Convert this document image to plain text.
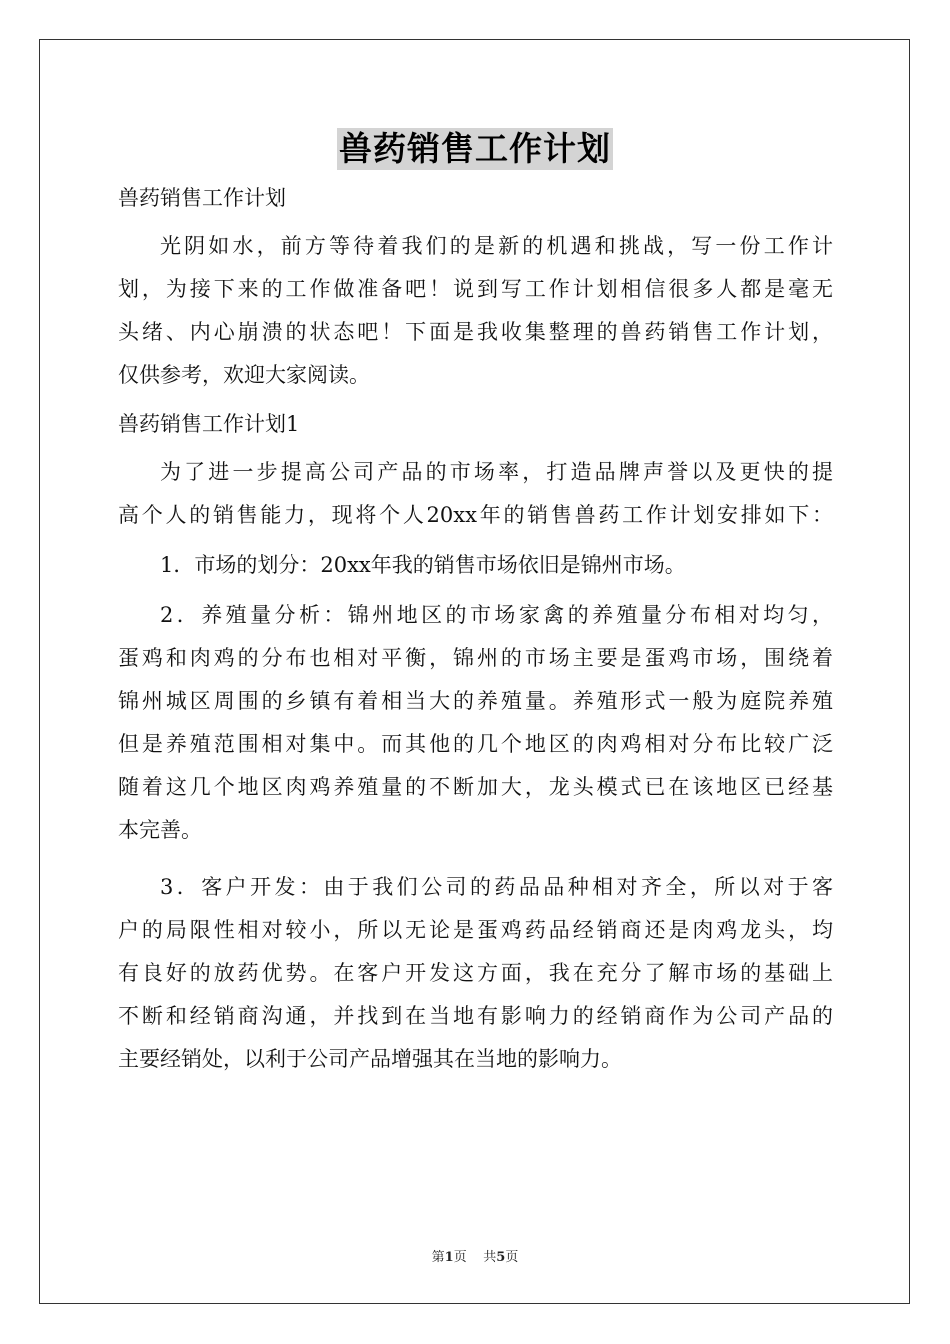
兽药销售工作计划
兽药销售工作计划
光阴如水，前方等待着我们的是新的机遇和挑战，写一份工作计
划，为接下来的工作做准备吧！说到写工作计划相信很多人都是毫无
头绪、内心崩溃的状态吧！下面是我收集整理的兽药销售工作计划，
仅供参考，欢迎大家阅读。
兽药销售工作计划1
为了进一步提高公司产品的市场率，打造品牌声誉以及更快的提
高个人的销售能力，现将个人20xx年的销售兽药工作计划安排如下：
1．市场的划分：20xx年我的销售市场依旧是锦州市场。
2．养殖量分析：锦州地区的市场家禽的养殖量分布相对均匀，
蛋鸡和肉鸡的分布也相对平衡，锦州的市场主要是蛋鸡市场，围绕着
锦州城区周围的乡镇有着相当大的养殖量。养殖形式一般为庭院养殖
但是养殖范围相对集中。而其他的几个地区的肉鸡相对分布比较广泛
随着这几个地区肉鸡养殖量的不断加大，龙头模式已在该地区已经基
本完善。
3．客户开发：由于我们公司的药品品种相对齐全，所以对于客
户的局限性相对较小，所以无论是蛋鸡药品经销商还是肉鸡龙头，均
有良好的放药优势。在客户开发这方面，我在充分了解市场的基础上
不断和经销商沟通，并找到在当地有影响力的经销商作为公司产品的
主要经销处，以利于公司产品增强其在当地的影响力。
第1页 共5页
